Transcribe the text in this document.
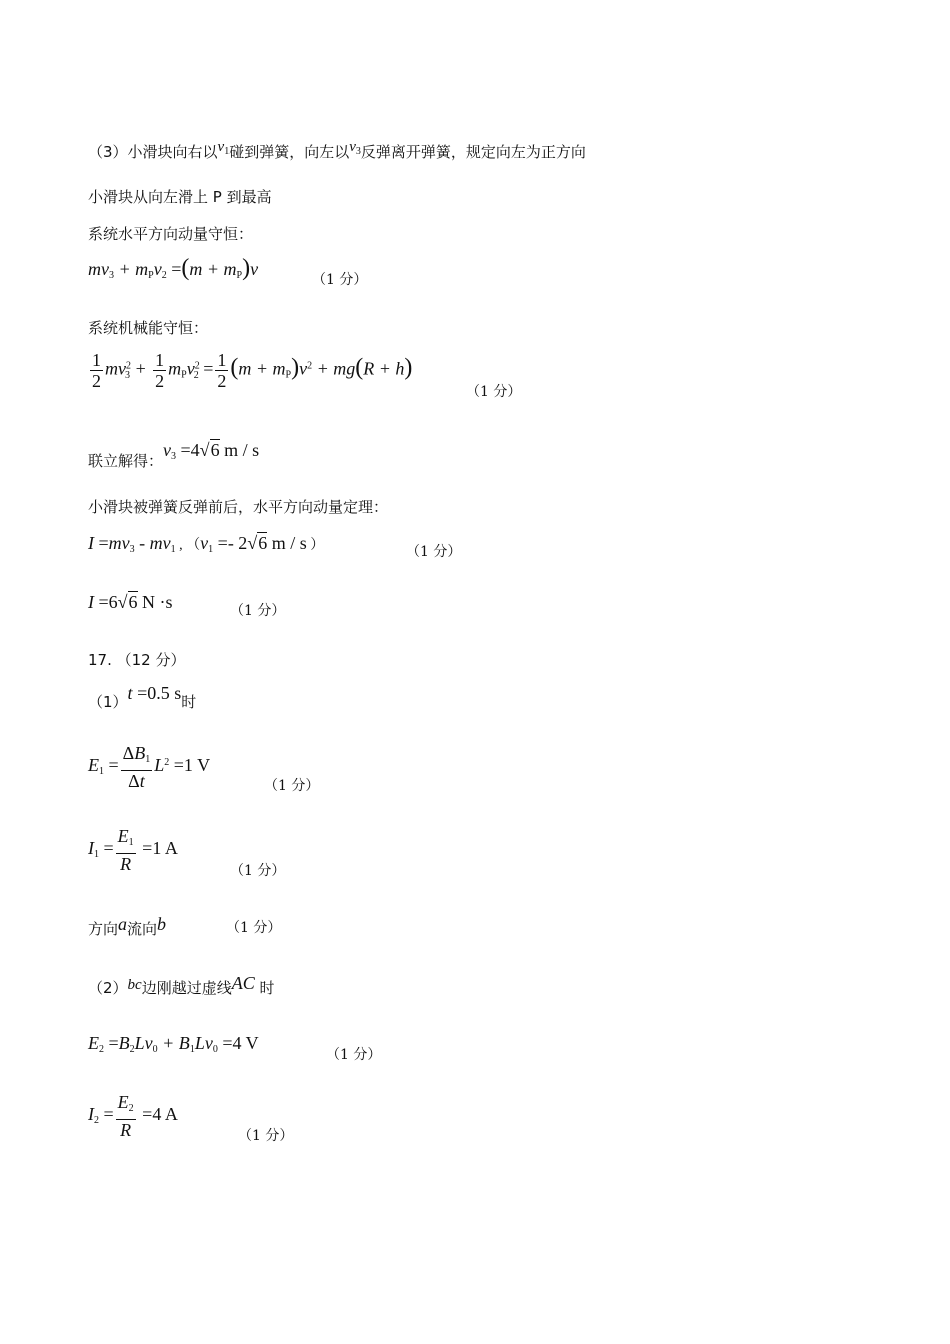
（3）小滑块向右以$v_1$碰到弹簧，向左以$v_3$反弹离开弹簧，规定向左为正方向
小滑块从向左滑上 P 到最高
系统水平方向动量守恒：
$mv_3 + m_Pv_2 =(m + m_P)v$
（1 分）
系统机械能守恒：
$\frac{1}{2} mv^2_3 + \frac{1}{2} m_Pv^2_2 = \frac{1}{2} (m + m_P)v^2 + mg(R + h)$
（1 分）
联立解得：$v_3 =4√6$ m / s
小滑块被弹簧反弹前后，水平方向动量定理：
$I =mv_3 - mv_1$ , （$v_1 =- 2√6$ m / s ）	（1 分）
I =6√6 N ·s	（1 分）
17. （12 分）
（1）t =0.5 s时
$E_1 = \frac{\Delta B_1}{\Delta t} L^2 =1$ V
（1 分）
$I_1 = \frac{E_1}{R} =1$ A
（1 分）
方向a流向b	（1 分）
（2）bc边刚越过虚线AC 时
$E_2 =B_2Lv_0 + B_1Lv_0 =4$ V
（1 分）
$I_2 = \frac{E_2}{R} =4$ A
（1 分）
